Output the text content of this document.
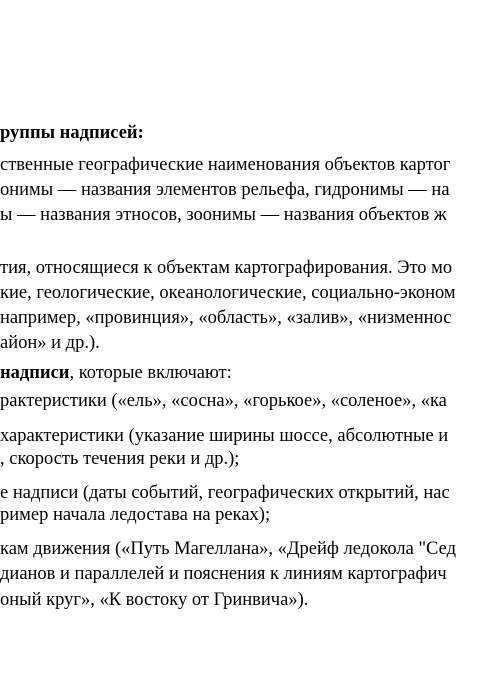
руппы надписей:
ственные географические наименования объектов картог
онимы — названия элементов рельефа, гидронимы — на
ы — названия этносов, зоонимы — названия объектов ж
тия, относящиеся к объектам картографирования. Это мо
кие, геологические, океанологические, социально-эконом
например, «провинция», «область», «залив», «низменнос
айон» и др.).
надписи, которые включают:
рактеристики («ель», «сосна», «горькое», «соленое», «ка
характеристики (указание ширины шоссе, абсолютные и
, скорость течения реки и др.);
е надписи (даты событий, географических открытий, нас
ример начала ледостава на реках);
кам движения («Путь Магеллана», «Дрейф ледокола "Сед
дианов и параллелей и пояснения к линиям картографич
оный круг», «К востоку от Гринвича»).
